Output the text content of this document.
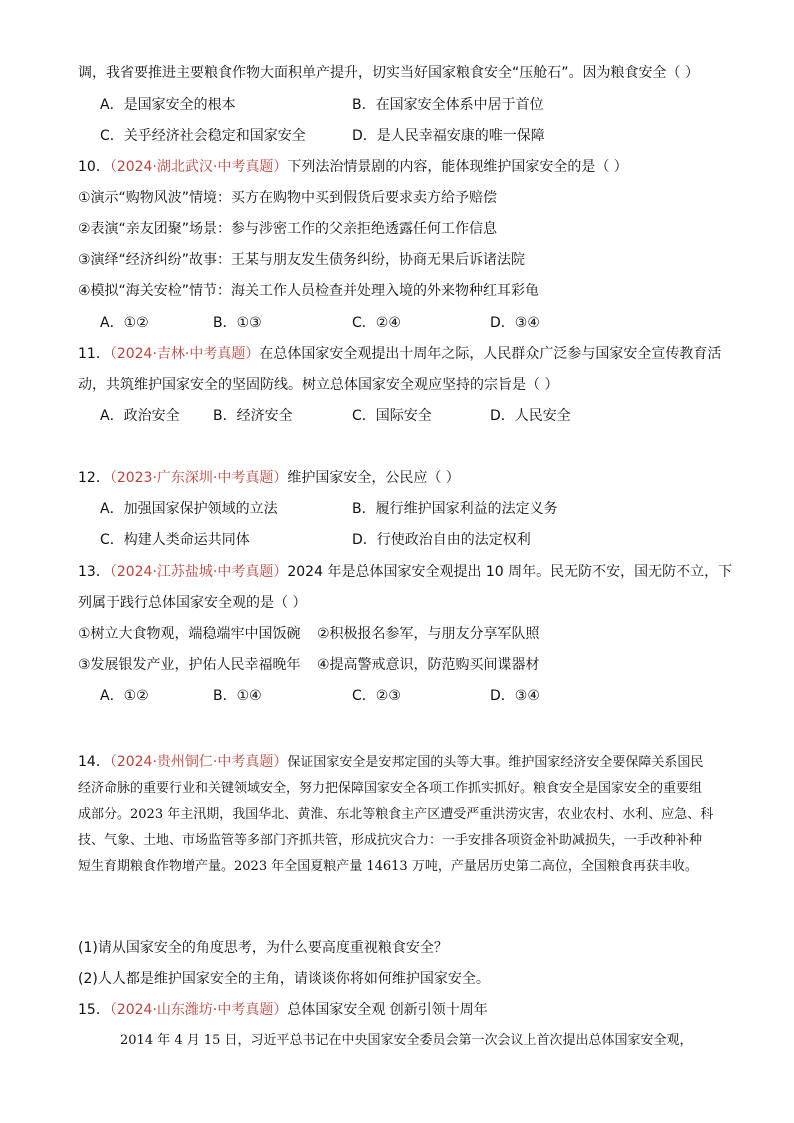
调，我省要推进主要粮食作物大面积单产提升，切实当好国家粮食安全“压舱石”。因为粮食安全（ ）
A．是国家安全的根本	B．在国家安全体系中居于首位
C．关乎经济社会稳定和国家安全	D．是人民幸福安康的唯一保障
10．（2024·湖北武汉·中考真题）下列法治情景剧的内容，能体现维护国家安全的是（ ）
①演示“购物风波”情境：买方在购物中买到假货后要求卖方给予赔偿
②表演“亲友团聚”场景：参与涉密工作的父亲拒绝透露任何工作信息
③演绎“经济纠纷”故事：王某与朋友发生债务纠纷，协商无果后诉诸法院
④模拟“海关安检”情节：海关工作人员检查并处理入境的外来物种红耳彩龟
A．①②	B．①③	C．②④	D．③④
11．（2024·吉林·中考真题）在总体国家安全观提出十周年之际，人民群众广泛参与国家安全宣传教育活
动，共筑维护国家安全的坚固防线。树立总体国家安全观应坚持的宗旨是（ ）
A．政治安全 B．经济安全	C．国际安全	D．人民安全
12．（2023·广东深圳·中考真题）维护国家安全，公民应（ ）
A．加强国家保护领域的立法	B．履行维护国家利益的法定义务
C．构建人类命运共同体	D．行使政治自由的法定权利
13．（2024·江苏盐城·中考真题）2024 年是总体国家安全观提出 10 周年。民无防不安，国无防不立，下
列属于践行总体国家安全观的是（ ）
①树立大食物观，端稳端牢中国饭碗 ②积极报名参军，与朋友分享军队照
③发展银发产业，护佑人民幸福晚年 ④提高警戒意识，防范购买间谍器材
A．①②	B．①④	C．②③	D．③④
14．（2024·贵州铜仁·中考真题）保证国家安全是安邦定国的头等大事。维护国家经济安全要保障关系国民经济命脉的重要行业和关键领域安全，努力把保障国家安全各项工作抓实抓好。粮食安全是国家安全的重要组成部分。2023 年主汛期，我国华北、黄淮、东北等粮食主产区遭受严重洪涝灾害，农业农村、水利、应急、科技、气象、土地、市场监管等多部门齐抓共管，形成抗灾合力：一手安排各项资金补助减损失，一手改种补种短生育期粮食作物增产量。2023 年全国夏粮产量 14613 万吨，产量居历史第二高位，全国粮食再获丰收。
(1)请从国家安全的角度思考，为什么要高度重视粮食安全？
(2)人人都是维护国家安全的主角，请谈谈你将如何维护国家安全。
15．（2024·山东潍坊·中考真题）总体国家安全观 创新引领十周年
2014 年 4 月 15 日，习近平总书记在中央国家安全委员会第一次会议上首次提出总体国家安全观，
